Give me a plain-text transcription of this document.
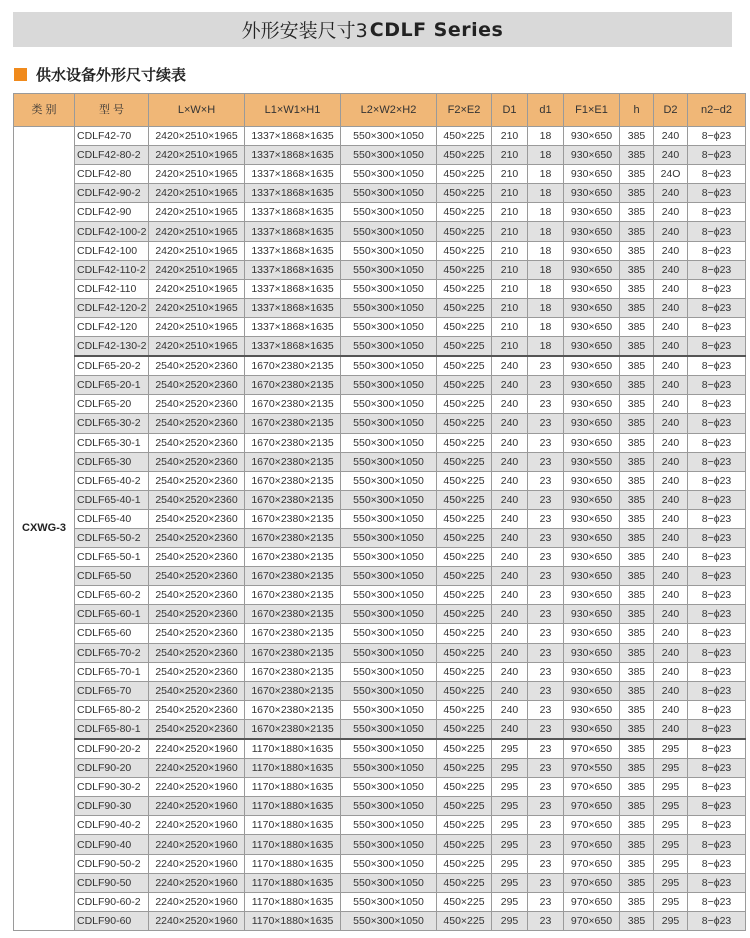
外形安装尺寸3 CDLF Series
供水设备外形尺寸续表
类 别	型 号	L×W×H	L1×W1×H1	L2×W2×H2	F2×E2	D1	d1	F1×E1	h	D2	n2−d2
CXWG-3	CDLF42-70	2420×2510×1965	1337×1868×1635	550×300×1050	450×225	210	18	930×650	385	240	8−ϕ23
	CDLF42-80-2	2420×2510×1965	1337×1868×1635	550×300×1050	450×225	210	18	930×650	385	240	8−ϕ23
	CDLF42-80	2420×2510×1965	1337×1868×1635	550×300×1050	450×225	210	18	930×650	385	24O	8−ϕ23
	CDLF42-90-2	2420×2510×1965	1337×1868×1635	550×300×1050	450×225	210	18	930×650	385	240	8−ϕ23
	CDLF42-90	2420×2510×1965	1337×1868×1635	550×300×1050	450×225	210	18	930×650	385	240	8−ϕ23
	CDLF42-100-2	2420×2510×1965	1337×1868×1635	550×300×1050	450×225	210	18	930×650	385	240	8−ϕ23
	CDLF42-100	2420×2510×1965	1337×1868×1635	550×300×1050	450×225	210	18	930×650	385	240	8−ϕ23
	CDLF42-110-2	2420×2510×1965	1337×1868×1635	550×300×1050	450×225	210	18	930×650	385	240	8−ϕ23
	CDLF42-110	2420×2510×1965	1337×1868×1635	550×300×1050	450×225	210	18	930×650	385	240	8−ϕ23
	CDLF42-120-2	2420×2510×1965	1337×1868×1635	550×300×1050	450×225	210	18	930×650	385	240	8−ϕ23
	CDLF42-120	2420×2510×1965	1337×1868×1635	550×300×1050	450×225	210	18	930×650	385	240	8−ϕ23
	CDLF42-130-2	2420×2510×1965	1337×1868×1635	550×300×1050	450×225	210	18	930×650	385	240	8−ϕ23
	CDLF65-20-2	2540×2520×2360	1670×2380×2135	550×300×1050	450×225	240	23	930×650	385	240	8−ϕ23
	CDLF65-20-1	2540×2520×2360	1670×2380×2135	550×300×1050	450×225	240	23	930×650	385	240	8−ϕ23
	CDLF65-20	2540×2520×2360	1670×2380×2135	550×300×1050	450×225	240	23	930×650	385	240	8−ϕ23
	CDLF65-30-2	2540×2520×2360	1670×2380×2135	550×300×1050	450×225	240	23	930×650	385	240	8−ϕ23
	CDLF65-30-1	2540×2520×2360	1670×2380×2135	550×300×1050	450×225	240	23	930×650	385	240	8−ϕ23
	CDLF65-30	2540×2520×2360	1670×2380×2135	550×300×1050	450×225	240	23	930×550	385	240	8−ϕ23
	CDLF65-40-2	2540×2520×2360	1670×2380×2135	550×300×1050	450×225	240	23	930×650	385	240	8−ϕ23
	CDLF65-40-1	2540×2520×2360	1670×2380×2135	550×300×1050	450×225	240	23	930×650	385	240	8−ϕ23
	CDLF65-40	2540×2520×2360	1670×2380×2135	550×300×1050	450×225	240	23	930×650	385	240	8−ϕ23
	CDLF65-50-2	2540×2520×2360	1670×2380×2135	550×300×1050	450×225	240	23	930×650	385	240	8−ϕ23
	CDLF65-50-1	2540×2520×2360	1670×2380×2135	550×300×1050	450×225	240	23	930×650	385	240	8−ϕ23
	CDLF65-50	2540×2520×2360	1670×2380×2135	550×300×1050	450×225	240	23	930×650	385	240	8−ϕ23
	CDLF65-60-2	2540×2520×2360	1670×2380×2135	550×300×1050	450×225	240	23	930×650	385	240	8−ϕ23
	CDLF65-60-1	2540×2520×2360	1670×2380×2135	550×300×1050	450×225	240	23	930×650	385	240	8−ϕ23
	CDLF65-60	2540×2520×2360	1670×2380×2135	550×300×1050	450×225	240	23	930×650	385	240	8−ϕ23
	CDLF65-70-2	2540×2520×2360	1670×2380×2135	550×300×1050	450×225	240	23	930×650	385	240	8−ϕ23
	CDLF65-70-1	2540×2520×2360	1670×2380×2135	550×300×1050	450×225	240	23	930×650	385	240	8−ϕ23
	CDLF65-70	2540×2520×2360	1670×2380×2135	550×300×1050	450×225	240	23	930×650	385	240	8−ϕ23
	CDLF65-80-2	2540×2520×2360	1670×2380×2135	550×300×1050	450×225	240	23	930×650	385	240	8−ϕ23
	CDLF65-80-1	2540×2520×2360	1670×2380×2135	550×300×1050	450×225	240	23	930×650	385	240	8−ϕ23
	CDLF90-20-2	2240×2520×1960	1170×1880×1635	550×300×1050	450×225	295	23	970×650	385	295	8−ϕ23
	CDLF90-20	2240×2520×1960	1170×1880×1635	550×300×1050	450×225	295	23	970×550	385	295	8−ϕ23
	CDLF90-30-2	2240×2520×1960	1170×1880×1635	550×300×1050	450×225	295	23	970×650	385	295	8−ϕ23
	CDLF90-30	2240×2520×1960	1170×1880×1635	550×300×1050	450×225	295	23	970×650	385	295	8−ϕ23
	CDLF90-40-2	2240×2520×1960	1170×1880×1635	550×300×1050	450×225	295	23	970×650	385	295	8−ϕ23
	CDLF90-40	2240×2520×1960	1170×1880×1635	550×300×1050	450×225	295	23	970×650	385	295	8−ϕ23
	CDLF90-50-2	2240×2520×1960	1170×1880×1635	550×300×1050	450×225	295	23	970×650	385	295	8−ϕ23
	CDLF90-50	2240×2520×1960	1170×1880×1635	550×300×1050	450×225	295	23	970×650	385	295	8−ϕ23
	CDLF90-60-2	2240×2520×1960	1170×1880×1635	550×300×1050	450×225	295	23	970×650	385	295	8−ϕ23
	CDLF90-60	2240×2520×1960	1170×1880×1635	550×300×1050	450×225	295	23	970×650	385	295	8−ϕ23
